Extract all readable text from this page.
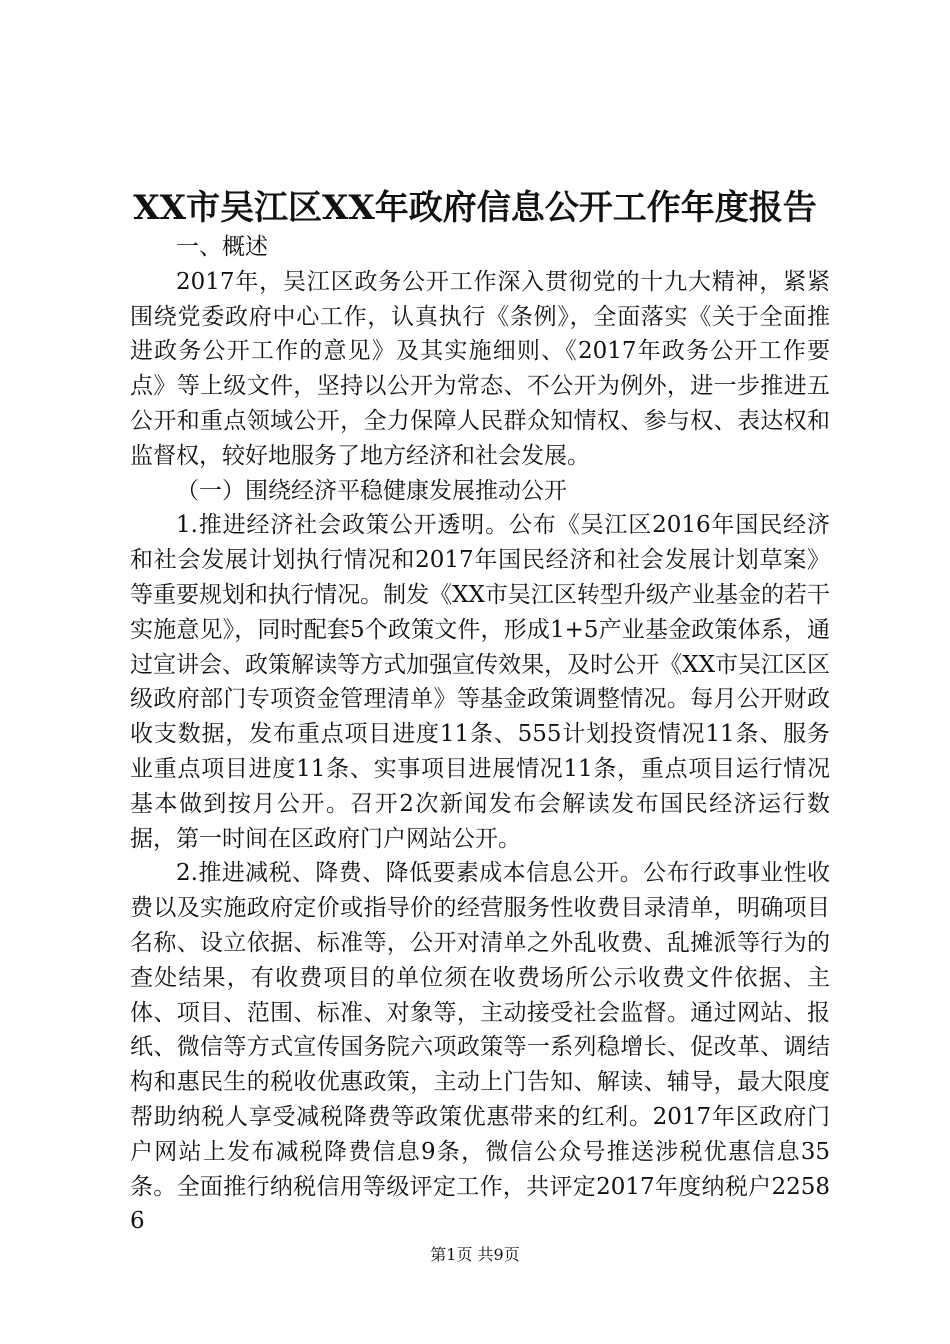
XX市吴江区XX年政府信息公开工作年度报告

一、概述

2017年，吴江区政务公开工作深入贯彻党的十九大精神，紧紧围绕党委政府中心工作，认真执行《条例》，全面落实《关于全面推进政务公开工作的意见》及其实施细则、《2017年政务公开工作要点》等上级文件，坚持以公开为常态、不公开为例外，进一步推进五公开和重点领域公开，全力保障人民群众知情权、参与权、表达权和监督权，较好地服务了地方经济和社会发展。

（一）围绕经济平稳健康发展推动公开

1.推进经济社会政策公开透明。公布《吴江区2016年国民经济和社会发展计划执行情况和2017年国民经济和社会发展计划草案》等重要规划和执行情况。制发《XX市吴江区转型升级产业基金的若干实施意见》，同时配套5个政策文件，形成1+5产业基金政策体系，通过宣讲会、政策解读等方式加强宣传效果，及时公开《XX市吴江区区级政府部门专项资金管理清单》等基金政策调整情况。每月公开财政收支数据，发布重点项目进度11条、555计划投资情况11条、服务业重点项目进度11条、实事项目进展情况11条，重点项目运行情况基本做到按月公开。召开2次新闻发布会解读发布国民经济运行数据，第一时间在区政府门户网站公开。

2.推进减税、降费、降低要素成本信息公开。公布行政事业性收费以及实施政府定价或指导价的经营服务性收费目录清单，明确项目名称、设立依据、标准等，公开对清单之外乱收费、乱摊派等行为的查处结果，有收费项目的单位须在收费场所公示收费文件依据、主体、项目、范围、标准、对象等，主动接受社会监督。通过网站、报纸、微信等方式宣传国务院六项政策等一系列稳增长、促改革、调结构和惠民生的税收优惠政策，主动上门告知、解读、辅导，最大限度帮助纳税人享受减税降费等政策优惠带来的红利。2017年区政府门户网站上发布减税降费信息9条，微信公众号推送涉税优惠信息35条。全面推行纳税信用等级评定工作，共评定2017年度纳税户22586

第1页 共9页
